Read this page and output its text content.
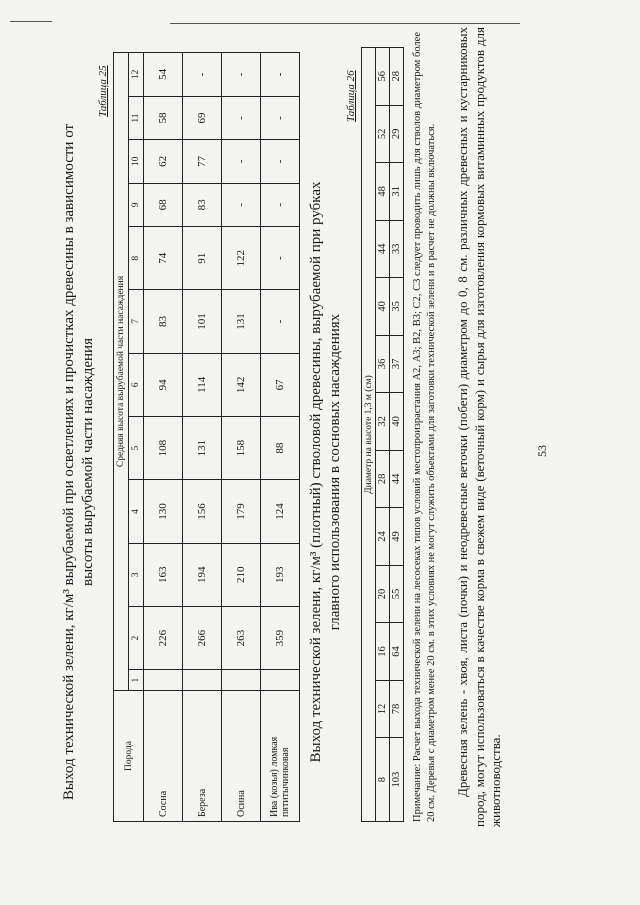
Выход технической зелени, кг/м³ вырубаемой при осветлениях и прочистках древесины в зависимости от высоты вырубаемой части насаждения
Таблица 25
Порода	Средняя высота вырубаемой части насаждения											
	1	2	3	4	5	6	7	8	9	10	11	12
Сосна		226	163	130	108	94	83	74	68	62	58	54
Береза		266	194	156	131	114	101	91	83	77	69	-
Осина		263	210	179	158	142	131	122	-	-	-	-
Ива (козья) ломкая пятитычинковая		359	193	124	88	67	-	-	-	-	-	-
Выход технической зелени, кг/м³ (плотный) стволовой древесины, вырубаемой при рубках главного использования в сосновых насаждениях
Таблица 26
Диаметр на высоте 1,3 м (см)												
8	12	16	20	24	28	32	36	40	44	48	52	56
103	78	64	55	49	44	40	37	35	33	31	29	28 Примечание: Расчет выхода технической зелени на лесосеках типов условий местопроизрастания А2, А3; В2, В3; С2, С3 следует проводить лишь для стволов диаметром более 20 см. Деревья с диаметром менее 20 см. в этих условиях не могут служить объектами для заготовки технической зелени и в расчет не должны включаться. Древесная зелень - хвоя, листа (почки) и неодревесные веточки (побеги) диаметром до 0, 8 см. различных древесных и кустарниковых пород, могут использоваться в качестве корма в свежем виде (веточный корм) и сырья для изготовления кормовых витаминных продуктов для животноводства.
53
